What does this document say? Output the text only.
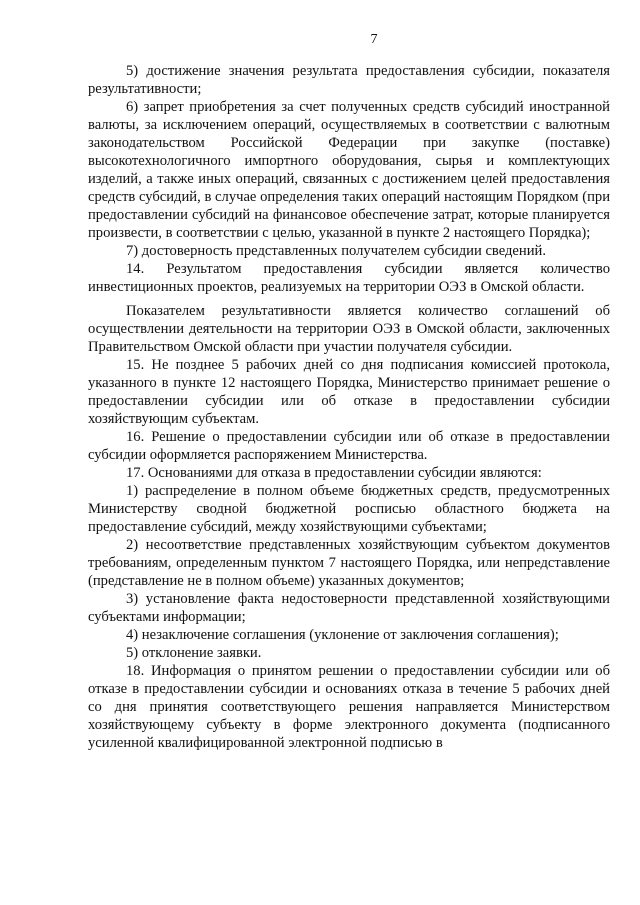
7

5) достижение значения результата предоставления субсидии, показателя результативности;

6) запрет приобретения за счет полученных средств субсидий иностранной валюты, за исключением операций, осуществляемых в соответствии с валютным законодательством Российской Федерации при закупке (поставке) высокотехнологичного импортного оборудования, сырья и комплектующих изделий, а также иных операций, связанных с достижением целей предоставления средств субсидий, в случае определения таких операций настоящим Порядком (при предоставлении субсидий на финансовое обеспечение затрат, которые планируется произвести, в соответствии с целью, указанной в пункте 2 настоящего Порядка);

7) достоверность представленных получателем субсидии сведений.

14. Результатом предоставления субсидии является количество инвестиционных проектов, реализуемых на территории ОЭЗ в Омской области.

Показателем результативности является количество соглашений об осуществлении деятельности на территории ОЭЗ в Омской области, заключенных Правительством Омской области при участии получателя субсидии.

15. Не позднее 5 рабочих дней со дня подписания комиссией протокола, указанного в пункте 12 настоящего Порядка, Министерство принимает решение о предоставлении субсидии или об отказе в предоставлении субсидии хозяйствующим субъектам.

16. Решение о предоставлении субсидии или об отказе в предоставлении субсидии оформляется распоряжением Министерства.

17. Основаниями для отказа в предоставлении субсидии являются:

1) распределение в полном объеме бюджетных средств, предусмотренных Министерству сводной бюджетной росписью областного бюджета на предоставление субсидий, между хозяйствующими субъектами;

2) несоответствие представленных хозяйствующим субъектом документов требованиям, определенным пунктом 7 настоящего Порядка, или непредставление (представление не в полном объеме) указанных документов;

3) установление факта недостоверности представленной хозяйствующими субъектами информации;

4) незаключение соглашения (уклонение от заключения соглашения);

5) отклонение заявки.

18. Информация о принятом решении о предоставлении субсидии или об отказе в предоставлении субсидии и основаниях отказа в течение 5 рабочих дней со дня принятия соответствующего решения направляется Министерством хозяйствующему субъекту в форме электронного документа (подписанного усиленной квалифицированной электронной подписью в
